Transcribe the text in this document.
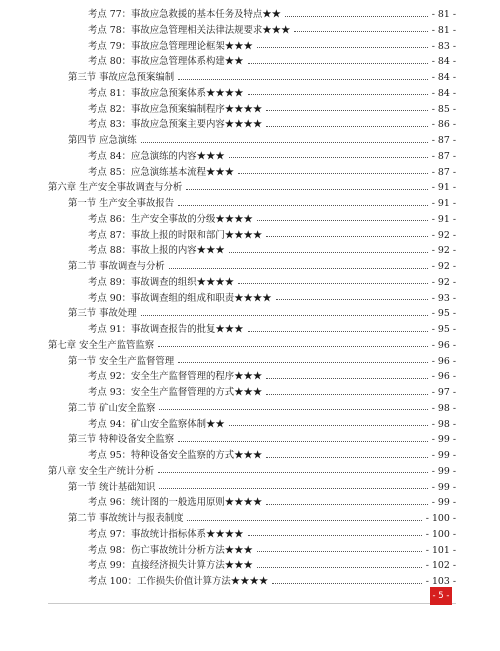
考点 77：事故应急救援的基本任务及特点★★	- 81 -
考点 78：事故应急管理相关法律法规要求★★★	- 81 -
考点 79：事故应急管理理论框架★★★	- 83 -
考点 80：事故应急管理体系构建★★	- 84 -
第三节 事故应急预案编制	- 84 -
考点 81：事故应急预案体系★★★★	- 84 -
考点 82：事故应急预案编制程序★★★★	- 85 -
考点 83：事故应急预案主要内容★★★★	- 86 -
第四节 应急演练	- 87 -
考点 84：应急演练的内容★★★	- 87 -
考点 85：应急演练基本流程★★★	- 87 -
第六章 生产安全事故调查与分析	- 91 -
第一节 生产安全事故报告	- 91 -
考点 86：生产安全事故的分级★★★★	- 91 -
考点 87：事故上报的时限和部门★★★★	- 92 -
考点 88：事故上报的内容★★★	- 92 -
第二节 事故调查与分析	- 92 -
考点 89：事故调查的组织★★★★	- 92 -
考点 90：事故调查组的组成和职责★★★★	- 93 -
第三节 事故处理	- 95 -
考点 91：事故调查报告的批复★★★	- 95 -
第七章 安全生产监管监察	- 96 -
第一节 安全生产监督管理	- 96 -
考点 92：安全生产监督管理的程序★★★	- 96 -
考点 93：安全生产监督管理的方式★★★	- 97 -
第二节 矿山安全监察	- 98 -
考点 94：矿山安全监察体制★★	- 98 -
第三节 特种设备安全监察	- 99 -
考点 95：特种设备安全监察的方式★★★	- 99 -
第八章 安全生产统计分析	- 99 -
第一节 统计基础知识	- 99 -
考点 96：统计图的一般选用原则★★★★	- 99 -
第二节 事故统计与报表制度	- 100 -
考点 97：事故统计指标体系★★★★	- 100 -
考点 98：伤亡事故统计分析方法★★★	- 101 -
考点 99：直接经济损失计算方法★★★	- 102 -
考点 100：工作损失价值计算方法★★★★	- 103 -
- 5 -
